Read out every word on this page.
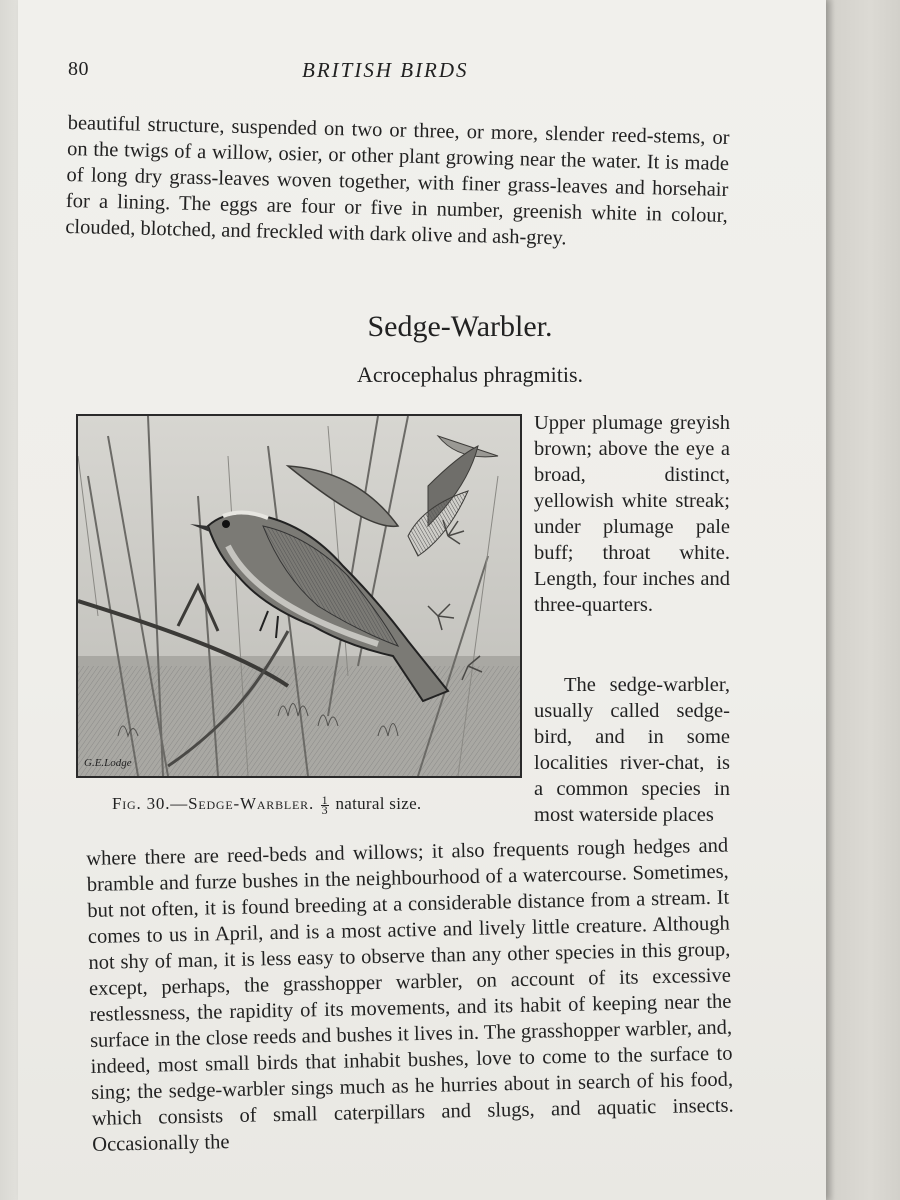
80	BRITISH BIRDS

beautiful structure, suspended on two or three, or more, slender reed-stems, or on the twigs of a willow, osier, or other plant growing near the water. It is made of long dry grass-leaves woven together, with finer grass-leaves and horsehair for a lining. The eggs are four or five in number, greenish white in colour, clouded, blotched, and freckled with dark olive and ash-grey.

Sedge-Warbler.
Acrocephalus phragmitis.
G.E.Lodge
Fig. 30.—Sedge-Warbler. $\frac{1}{3}$ natural size.

Upper plumage greyish brown; above the eye a broad, distinct, yellowish white streak; under plumage pale buff; throat white. Length, four inches and three-quarters.

The sedge-warbler, usually called sedge-bird, and in some localities river-chat, is a common species in most waterside places

where there are reed-beds and willows; it also frequents rough hedges and bramble and furze bushes in the neighbourhood of a watercourse. Sometimes, but not often, it is found breeding at a considerable distance from a stream. It comes to us in April, and is a most active and lively little creature. Although not shy of man, it is less easy to observe than any other species in this group, except, perhaps, the grasshopper warbler, on account of its excessive restlessness, the rapidity of its movements, and its habit of keeping near the surface in the close reeds and bushes it lives in. The grasshopper warbler, and, indeed, most small birds that inhabit bushes, love to come to the surface to sing; the sedge-warbler sings much as he hurries about in search of his food, which consists of small caterpillars and slugs, and aquatic insects. Occasionally the
